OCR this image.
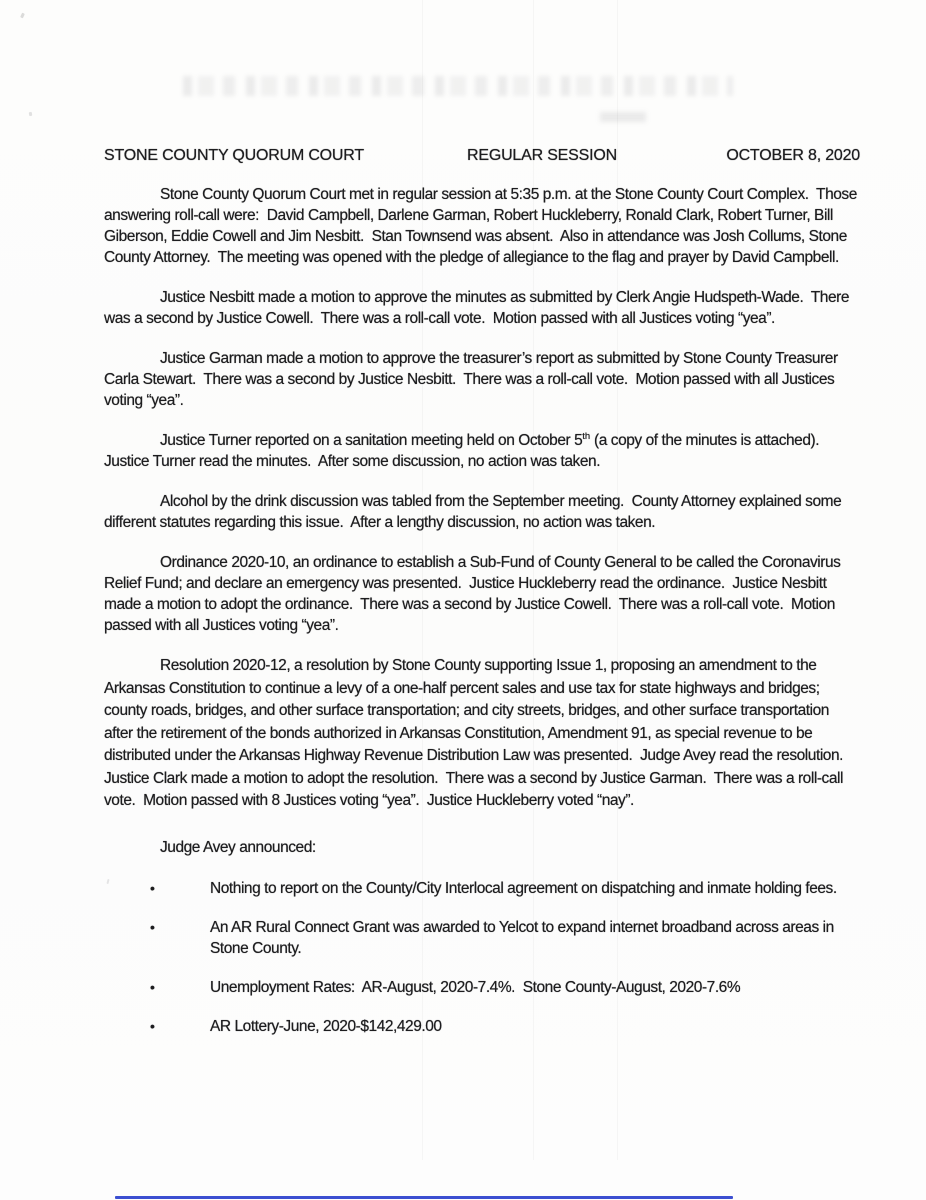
STONE COUNTY QUORUM COURT	REGULAR SESSION	OCTOBER 8, 2020

Stone County Quorum Court met in regular session at 5:35 p.m. at the Stone County Court Complex.  Those answering roll-call were:  David Campbell, Darlene Garman, Robert Huckleberry, Ronald Clark, Robert Turner, Bill Giberson, Eddie Cowell and Jim Nesbitt.  Stan Townsend was absent.  Also in attendance was Josh Collums, Stone County Attorney.  The meeting was opened with the pledge of allegiance to the flag and prayer by David Campbell.

Justice Nesbitt made a motion to approve the minutes as submitted by Clerk Angie Hudspeth-Wade.  There was a second by Justice Cowell.  There was a roll-call vote.  Motion passed with all Justices voting “yea”.

Justice Garman made a motion to approve the treasurer’s report as submitted by Stone County Treasurer Carla Stewart.  There was a second by Justice Nesbitt.  There was a roll-call vote.  Motion passed with all Justices voting “yea”.

Justice Turner reported on a sanitation meeting held on October 5th (a copy of the minutes is attached).  Justice Turner read the minutes.  After some discussion, no action was taken.

Alcohol by the drink discussion was tabled from the September meeting.  County Attorney explained some different statutes regarding this issue.  After a lengthy discussion, no action was taken.

Ordinance 2020-10, an ordinance to establish a Sub-Fund of County General to be called the Coronavirus Relief Fund; and declare an emergency was presented.  Justice Huckleberry read the ordinance.  Justice Nesbitt made a motion to adopt the ordinance.  There was a second by Justice Cowell.  There was a roll-call vote.  Motion passed with all Justices voting “yea”.

Resolution 2020-12, a resolution by Stone County supporting Issue 1, proposing an amendment to the Arkansas Constitution to continue a levy of a one-half percent sales and use tax for state highways and bridges; county roads, bridges, and other surface transportation; and city streets, bridges, and other surface transportation after the retirement of the bonds authorized in Arkansas Constitution, Amendment 91, as special revenue to be distributed under the Arkansas Highway Revenue Distribution Law was presented.  Judge Avey read the resolution.  Justice Clark made a motion to adopt the resolution.  There was a second by Justice Garman.  There was a roll-call vote.  Motion passed with 8 Justices voting “yea”.  Justice Huckleberry voted “nay”.

Judge Avey announced:

•	Nothing to report on the County/City Interlocal agreement on dispatching and inmate holding fees.
•	An AR Rural Connect Grant was awarded to Yelcot to expand internet broadband across areas in Stone County.
•	Unemployment Rates:  AR-August, 2020-7.4%.  Stone County-August, 2020-7.6%
•	AR Lottery-June, 2020-$142,429.00
